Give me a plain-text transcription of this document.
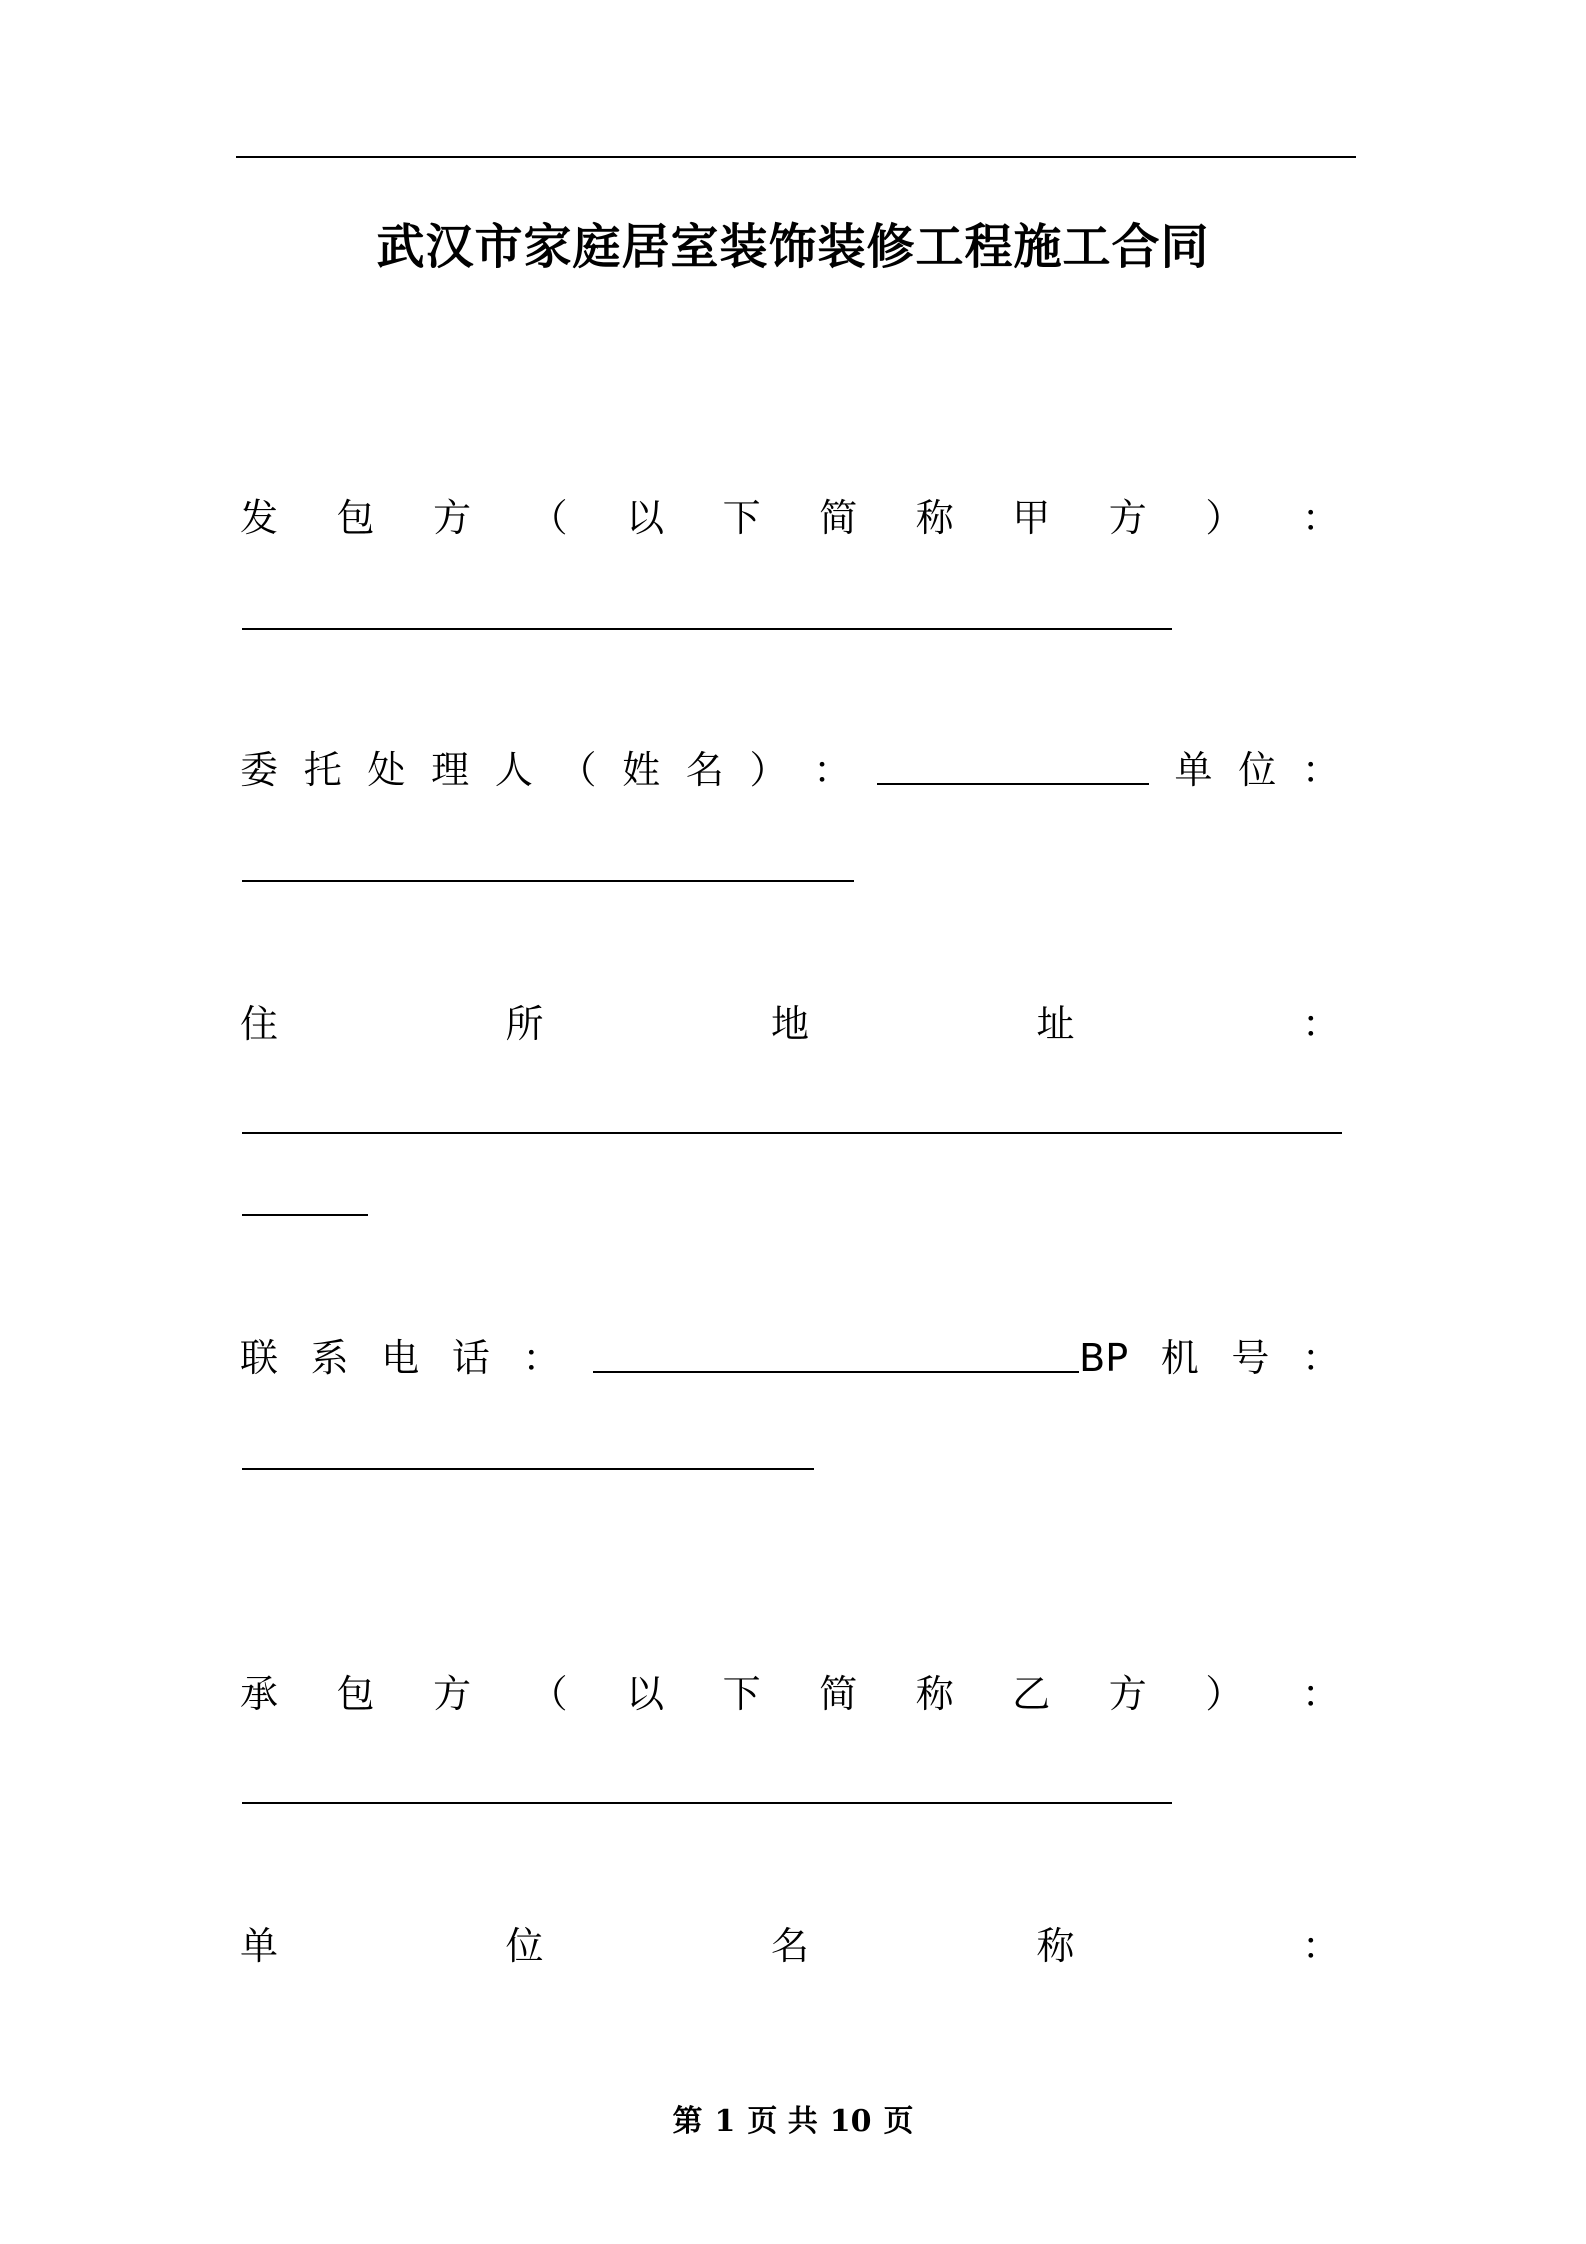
武汉市家庭居室装饰装修工程施工合同
发 包 方 （ 以 下 简 称 甲 方 ） ：
委 托 处 理 人 （ 姓 名 ） ：	单 位 ：
住	所	地	址	：
联 系 电 话 ：	BP 机 号 ：
承 包 方 （ 以 下 简 称 乙 方 ） ：
单	位	名	称	：
第 1 页 共 10 页
